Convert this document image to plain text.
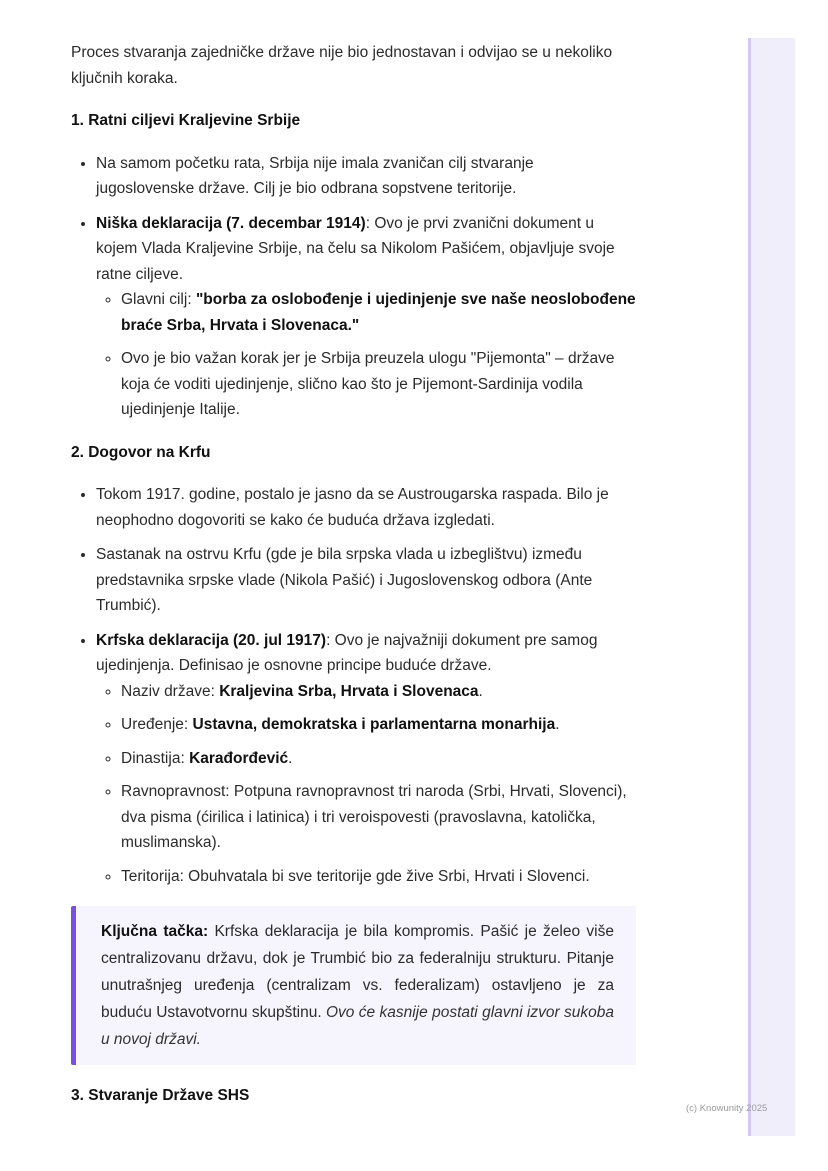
Proces stvaranja zajedničke države nije bio jednostavan i odvijao se u nekoliko ključnih koraka.

1. Ratni ciljevi Kraljevine Srbije
• Na samom početku rata, Srbija nije imala zvaničan cilj stvaranje jugoslovenske države. Cilj je bio odbrana sopstvene teritorije.
• Niška deklaracija (7. decembar 1914): Ovo je prvi zvanični dokument u kojem Vlada Kraljevine Srbije, na čelu sa Nikolom Pašićem, objavljuje svoje ratne ciljeve.
◦ Glavni cilj: "borba za oslobođenje i ujedinjenje sve naše neoslobođene braće Srba, Hrvata i Slovenaca."
◦ Ovo je bio važan korak jer je Srbija preuzela ulogu "Pijemonta" – države koja će voditi ujedinjenje, slično kao što je Pijemont-Sardinija vodila ujedinjenje Italije.
2. Dogovor na Krfu
• Tokom 1917. godine, postalo je jasno da se Austrougarska raspada. Bilo je neophodno dogovoriti se kako će buduća država izgledati.
• Sastanak na ostrvu Krfu (gde je bila srpska vlada u izbeglištvu) između predstavnika srpske vlade (Nikola Pašić) i Jugoslovenskog odbora (Ante Trumbić).
• Krfska deklaracija (20. jul 1917): Ovo je najvažniji dokument pre samog ujedinjenja. Definisao je osnovne principe buduće države.
◦ Naziv države: Kraljevina Srba, Hrvata i Slovenaca.
◦ Uređenje: Ustavna, demokratska i parlamentarna monarhija.
◦ Dinastija: Karađorđević.
◦ Ravnopravnost: Potpuna ravnopravnost tri naroda (Srbi, Hrvati, Slovenci), dva pisma (ćirilica i latinica) i tri veroispovesti (pravoslavna, katolička, muslimanska).
◦ Teritorija: Obuhvatala bi sve teritorije gde žive Srbi, Hrvati i Slovenci.
Ključna tačka: Krfska deklaracija je bila kompromis. Pašić je želeo više centralizovanu državu, dok je Trumbić bio za federalniju strukturu. Pitanje unutrašnjeg uređenja (centralizam vs. federalizam) ostavljeno je za buduću Ustavotvornu skupštinu. Ovo će kasnije postati glavni izvor sukoba u novoj državi.
3. Stvaranje Države SHS
(c) Knowunity 2025
